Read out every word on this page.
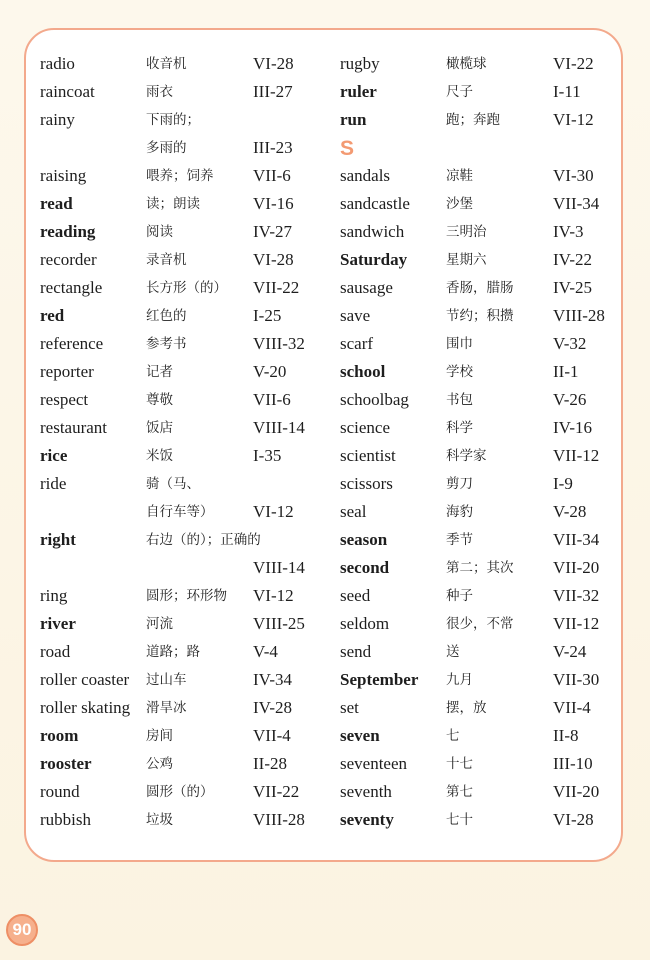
radio	收音机	VI-28
raincoat	雨衣	III-27
rainy	下雨的；
多雨的	III-23
raising	喂养；饲养 VII-6
read	读；朗读	VI-16
reading	阅读	IV-27
recorder	录音机	VI-28
rectangle	长方形（的） VII-22
red	红色的	I-25
reference	参考书	VIII-32
reporter	记者	V-20
respect	尊敬	VII-6
restaurant	饭店	VIII-14
rice	米饭	I-35
ride	骑（马、
自行车等） VI-12
right	右边（的）；正确的
VIII-14
ring	圆形；环形物 VI-12
river	河流	VIII-25
road	道路；路	V-4
roller coaster 过山车	IV-34
roller skating 滑旱冰	IV-28
room	房间	VII-4
rooster	公鸡	II-28
round	圆形（的） VII-22
rubbish	垃圾	VIII-28
rugby	橄榄球	VI-22
ruler	尺子	I-11
run	跑；奔跑	VI-12
S
sandals	凉鞋	VI-30
sandcastle	沙堡	VII-34
sandwich	三明治	IV-3
Saturday	星期六	IV-22
sausage	香肠，腊肠 IV-25
save	节约；积攒 VIII-28
scarf	围巾	V-32
school	学校	II-1
schoolbag	书包	V-26
science	科学	IV-16
scientist	科学家	VII-12
scissors	剪刀	I-9
seal	海豹	V-28
season	季节	VII-34
second	第二；其次 VII-20
seed	种子	VII-32
seldom	很少，不常 VII-12
send	送	V-24
September 九月	VII-30
set	摆，放	VII-4
seven	七	II-8
seventeen	十七	III-10
seventh	第七	VII-20
seventy	七十	VI-28
90
